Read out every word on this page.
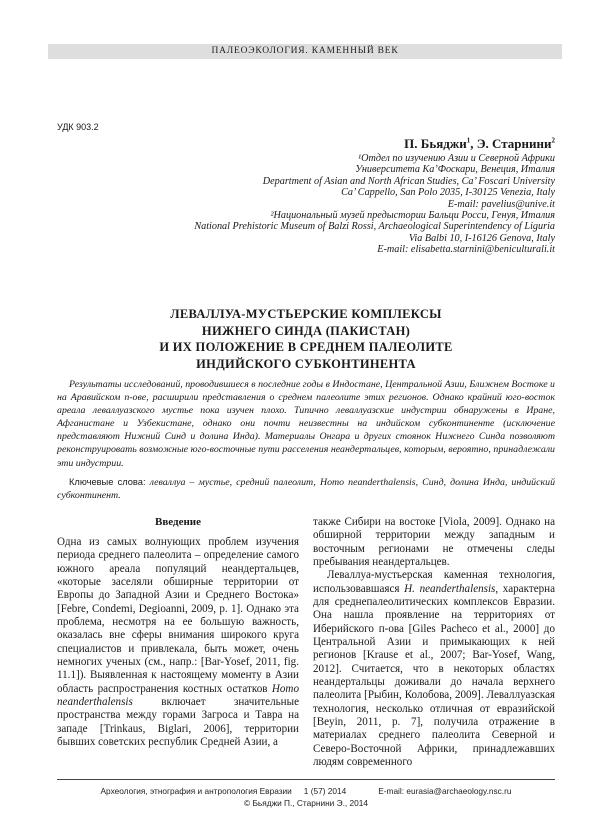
ПАЛЕОЭКОЛОГИЯ. КАМЕННЫЙ ВЕК
УДК 903.2
П. Бьяджи$^1$, Э. Старнини$^2$
¹Отдел по изучению Азии и Северной Африки
Университета Ка’Фоскари, Венеция, Италия
Department of Asian and North African Studies, Ca’ Foscari University
Ca’ Cappello, San Polo 2035, I-30125 Venezia, Italy
E-mail: pavelius@unive.it
²Национальный музей предыстории Бальци Росси, Генуя, Италия
National Prehistoric Museum of Balzi Rossi, Archaeological Superintendency of Liguria
Via Balbi 10, I-16126 Genova, Italy
E-mail: elisabetta.starnini@beniculturali.it
ЛЕВАЛЛУА-МУСТЬЕРСКИЕ КОМПЛЕКСЫ
НИЖНЕГО СИНДА (ПАКИСТАН)
И ИХ ПОЛОЖЕНИЕ В СРЕДНЕМ ПАЛЕОЛИТЕ
ИНДИЙСКОГО СУБКОНТИНЕНТА
Результаты исследований, проводившиеся в последние годы в Индостане, Центральной Азии, Ближнем Востоке и на Аравийском п-ове, расширили представления о среднем палеолите этих регионов. Однако крайний юго-восток ареала леваллуазского мустье пока изучен плохо. Типично леваллуазские индустрии обнаружены в Иране, Афганистане и Узбекистане, однако они почти неизвестны на индийском субконтиненте (исключение представляют Нижний Синд и долина Инда). Материалы Онгара и других стоянок Нижнего Синда позволяют реконструировать возможные юго-восточные пути расселения неандертальцев, которым, вероятно, принадлежали эти индустрии.
Ключевые слова: леваллуа – мустье, средний палеолит, Homo neanderthalensis, Синд, долина Инда, индийский субконтинент.
Введение

Одна из самых волнующих проблем изучения периода среднего палеолита – определение самого южного ареала популяций неандертальцев, «которые заселяли обширные территории от Европы до Западной Азии и Среднего Востока» [Febre, Condemi, Degioanni, 2009, p. 1]. Однако эта проблема, несмотря на ее большую важность, оказалась вне сферы внимания широкого круга специалистов и привлекала, быть может, очень немногих ученых (см., напр.: [Bar-Yosef, 2011, fig. 11.1]). Выявленная к настоящему моменту в Азии область распространения костных остатков Homo neanderthalensis включает значительные пространства между горами Загроса и Тавра на западе [Trinkaus, Biglari, 2006], территории бывших советских республик Средней Азии, а

также Сибири на востоке [Viola, 2009]. Однако на обширной территории между западным и восточным регионами не отмечены следы пребывания неандертальцев.

Леваллуа-мустьерская каменная технология, использовавшаяся H. neanderthalensis, характерна для среднепалеолитических комплексов Евразии. Она нашла проявление на территориях от Иберийского п-ова [Giles Pacheco et al., 2000] до Центральной Азии и примыкающих к ней регионов [Krause et al., 2007; Bar-Yosef, Wang, 2012]. Считается, что в некоторых областях неандертальцы доживали до начала верхнего палеолита [Рыбин, Колобова, 2009]. Леваллуазская технология, несколько отличная от евразийской [Beyin, 2011, p. 7], получила отражение в материалах среднего палеолита Северной и Северо-Восточной Африки, принадлежавших людям современного

Археология, этнография и антропология Евразии 1 (57) 2014	E-mail: eurasia@archaeology.nsc.ru
© Бьяджи П., Старнини Э., 2014
